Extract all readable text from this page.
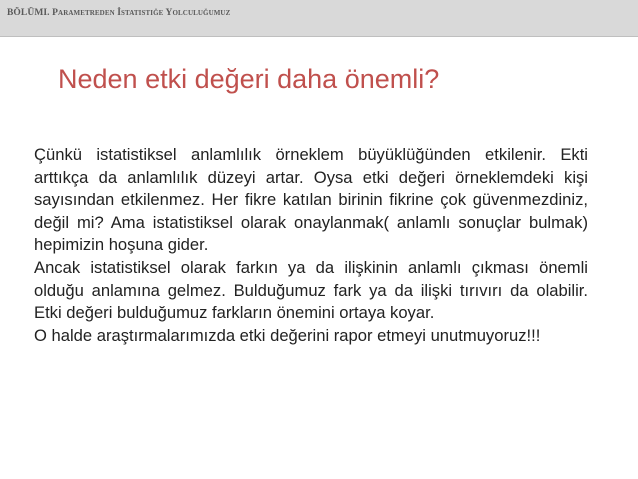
BÖLÜMI. Parametreden İstatistiğe Yolculuğumuz
Neden etki değeri daha önemli?

Çünkü istatistiksel anlamlılık örneklem büyüklüğünden etkilenir. Ekti arttıkça da anlamlılık düzeyi artar. Oysa etki değeri örneklemdeki kişi sayısından etkilenmez. Her fikre katılan birinin fikrine çok güvenmezdiniz, değil mi? Ama istatistiksel olarak onaylanmak( anlamlı sonuçlar bulmak) hepimizin hoşuna gider.

Ancak istatistiksel olarak farkın ya da ilişkinin anlamlı çıkması önemli olduğu anlamına gelmez. Bulduğumuz fark ya da ilişki tırıvırı da olabilir. Etki değeri bulduğumuz farkların önemini ortaya koyar.

O halde araştırmalarımızda etki değerini rapor etmeyi unutmuyoruz!!!
